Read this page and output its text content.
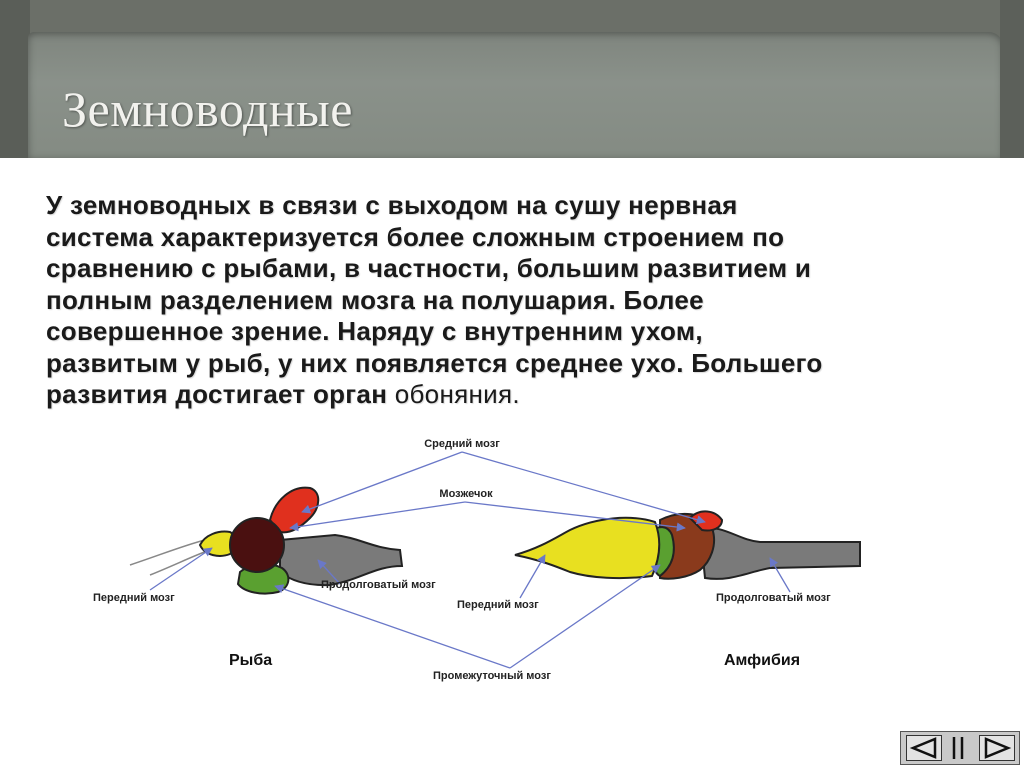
Земноводные
У земноводных в связи с выходом на сушу нервная
система характеризуется более сложным строением по
сравнению с рыбами, в частности, большим развитием и
полным разделением мозга на полушария. Более
совершенное зрение. Наряду с внутренним ухом,
развитым у рыб, у них появляется среднее ухо. Большего
развития достигает орган обоняния.
Средний мозг
Мозжечок
Продолговатый мозг
Передний мозг
Передний мозг
Продолговатый мозг
Промежуточный мозг
Рыба	Амфибия
